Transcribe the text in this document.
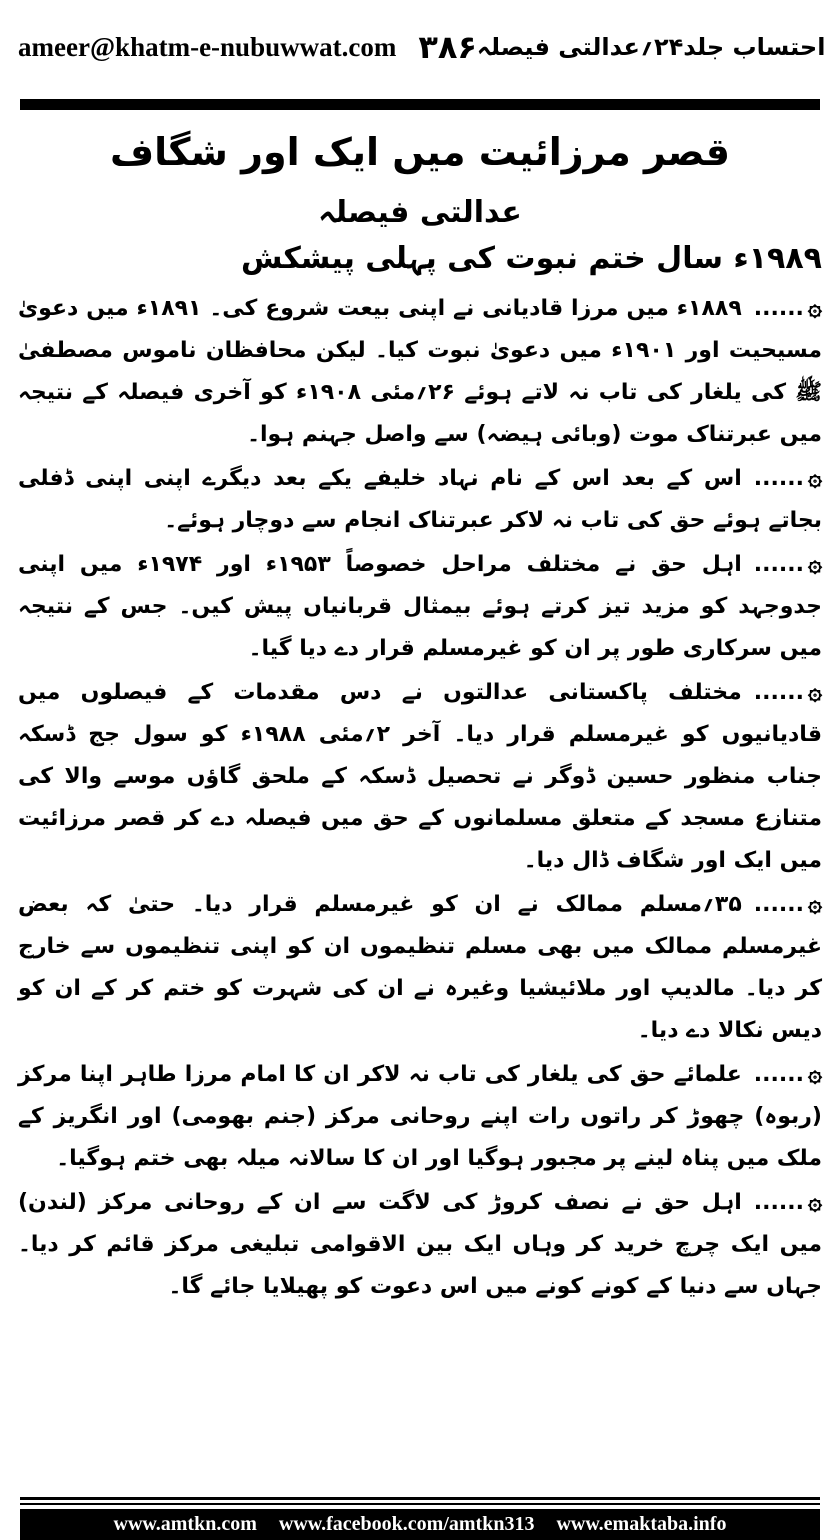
ameer@khatm-e-nubuwwat.com ۳۸۶ احتساب جلد۲۴؍عدالتی فیصلہ
قصر مرزائیت میں ایک اور شگاف
عدالتی فیصلہ
۱۹۸۹ء سال ختم نبوت کی پہلی پیشکش

۞......۱۸۸۹ء میں مرزا قادیانی نے اپنی بیعت شروع کی۔ ۱۸۹۱ء میں دعویٰ مسیحیت اور ۱۹۰۱ء میں دعویٰ نبوت کیا۔ لیکن محافظان ناموس مصطفیٰ ﷺ کی یلغار کی تاب نہ لاتے ہوئے ۲۶؍مئی ۱۹۰۸ء کو آخری فیصلہ کے نتیجہ میں عبرتناک موت (وبائی ہیضہ) سے واصل جہنم ہوا۔

۞......اس کے بعد اس کے نام نہاد خلیفے یکے بعد دیگرے اپنی اپنی ڈفلی بجاتے ہوئے حق کی تاب نہ لاکر عبرتناک انجام سے دوچار ہوئے۔

۞......اہل حق نے مختلف مراحل خصوصاً ۱۹۵۳ء اور ۱۹۷۴ء میں اپنی جدوجہد کو مزید تیز کرتے ہوئے بیمثال قربانیاں پیش کیں۔ جس کے نتیجہ میں سرکاری طور پر ان کو غیرمسلم قرار دے دیا گیا۔

۞......مختلف پاکستانی عدالتوں نے دس مقدمات کے فیصلوں میں قادیانیوں کو غیرمسلم قرار دیا۔ آخر ۲؍مئی ۱۹۸۸ء کو سول جج ڈسکہ جناب منظور حسین ڈوگر نے تحصیل ڈسکہ کے ملحق گاؤں موسے والا کی متنازع مسجد کے متعلق مسلمانوں کے حق میں فیصلہ دے کر قصر مرزائیت میں ایک اور شگاف ڈال دیا۔

۞......۳۵؍مسلم ممالک نے ان کو غیرمسلم قرار دیا۔ حتیٰ کہ بعض غیرمسلم ممالک میں بھی مسلم تنظیموں ان کو اپنی تنظیموں سے خارج کر دیا۔ مالدیپ اور ملائیشیا وغیرہ نے ان کی شہرت کو ختم کر کے ان کو دیس نکالا دے دیا۔

۞......علمائے حق کی یلغار کی تاب نہ لاکر ان کا امام مرزا طاہر اپنا مرکز (ربوہ) چھوڑ کر راتوں رات اپنے روحانی مرکز (جنم بھومی) اور انگریز کے ملک میں پناہ لینے پر مجبور ہوگیا اور ان کا سالانہ میلہ بھی ختم ہوگیا۔

۞......اہل حق نے نصف کروڑ کی لاگت سے ان کے روحانی مرکز (لندن) میں ایک چرچ خرید کر وہاں ایک بین الاقوامی تبلیغی مرکز قائم کر دیا۔ جہاں سے دنیا کے کونے کونے میں اس دعوت کو پھیلایا جائے گا۔

www.amtkn.com www.facebook.com/amtkn313 www.emaktaba.info
